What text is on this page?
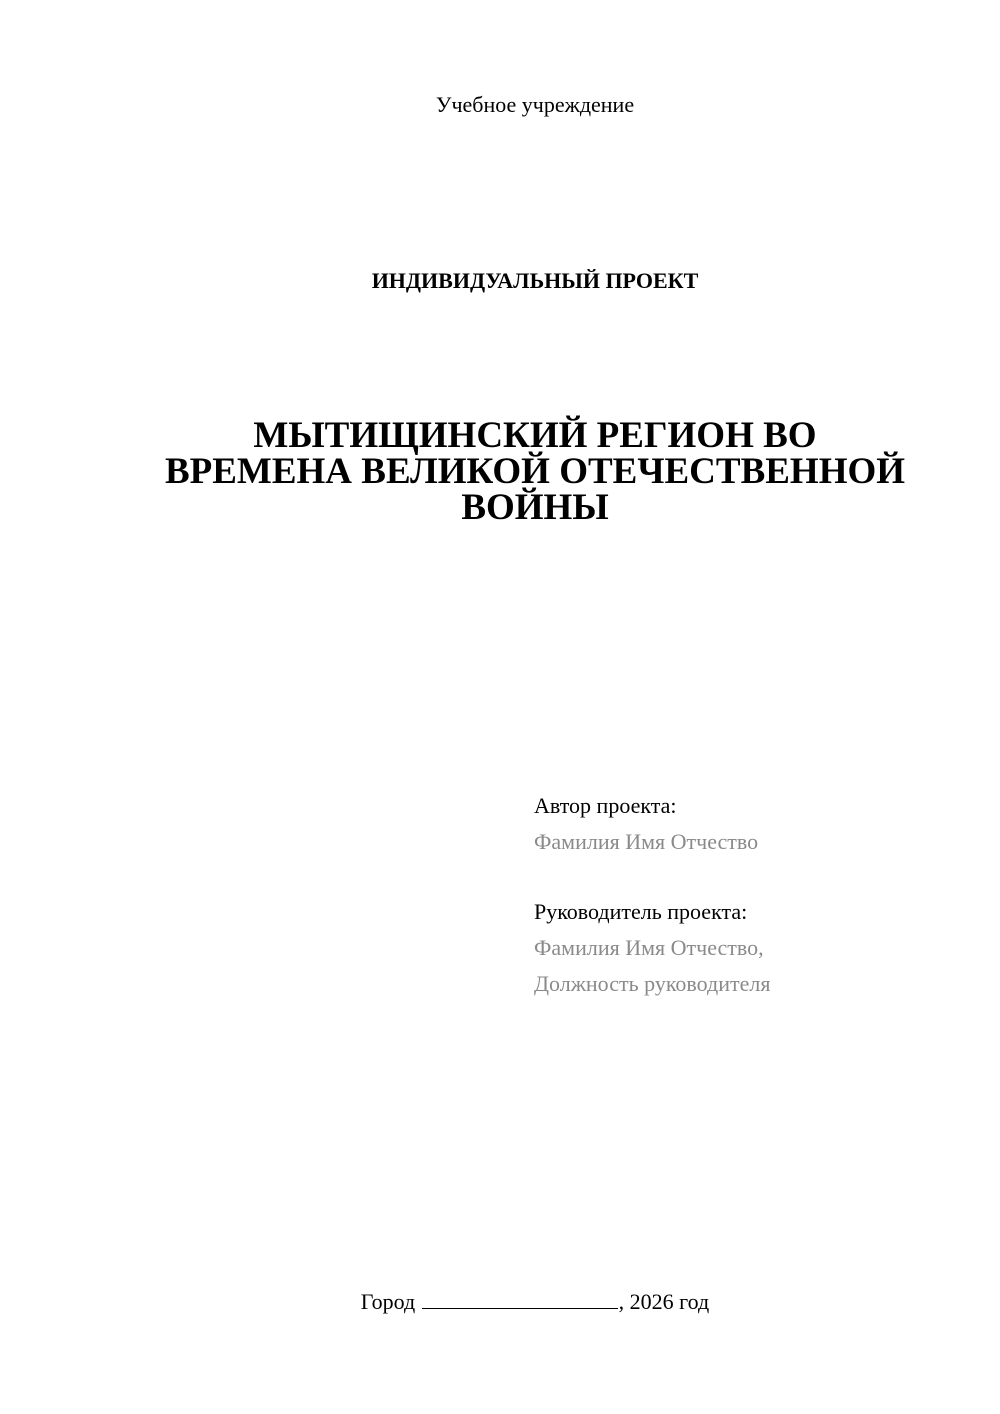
Учебное учреждение
ИНДИВИДУАЛЬНЫЙ ПРОЕКТ
МЫТИЩИНСКИЙ РЕГИОН ВО
ВРЕМЕНА ВЕЛИКОЙ ОТЕЧЕСТВЕННОЙ
ВОЙНЫ
Автор проекта:
Фамилия Имя Отчество
Руководитель проекта:
Фамилия Имя Отчество,
Должность руководителя
Город	, 2026 год
